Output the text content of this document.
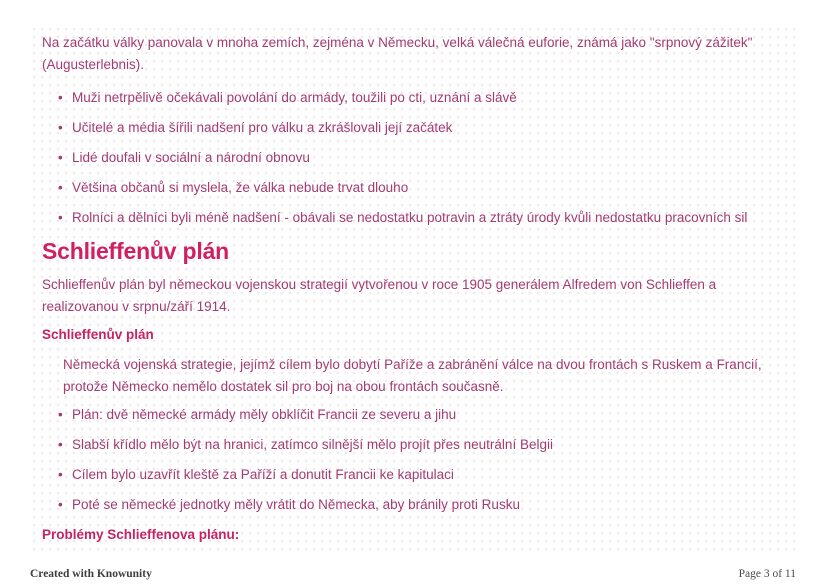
Na začátku války panovala v mnoha zemích, zejména v Německu, velká válečná euforie, známá jako "srpnový zážitek" (Augusterlebnis).

• Muži netrpělivě očekávali povolání do armády, toužili po cti, uznání a slávě
• Učitelé a média šířili nadšení pro válku a zkrášlovali její začátek
• Lidé doufali v sociální a národní obnovu
• Většina občanů si myslela, že válka nebude trvat dlouho
• Rolníci a dělníci byli méně nadšení - obávali se nedostatku potravin a ztráty úrody kvůli nedostatku pracovních sil
Schlieffenův plán

Schlieffenův plán byl německou vojenskou strategií vytvořenou v roce 1905 generálem Alfredem von Schlieffen a realizovanou v srpnu/září 1914.

Schlieffenův plán

Německá vojenská strategie, jejímž cílem bylo dobytí Paříže a zabránění válce na dvou frontách s Ruskem a Francií, protože Německo nemělo dostatek sil pro boj na obou frontách současně.

• Plán: dvě německé armády měly obklíčit Francii ze severu a jihu
• Slabší křídlo mělo být na hranici, zatímco silnější mělo projít přes neutrální Belgii
• Cílem bylo uzavřít kleště za Paříží a donutit Francii ke kapitulaci
• Poté se německé jednotky měly vrátit do Německa, aby bránily proti Rusku

Problémy Schlieffenova plánu:

Created with Knowunity	Page 3 of 11
